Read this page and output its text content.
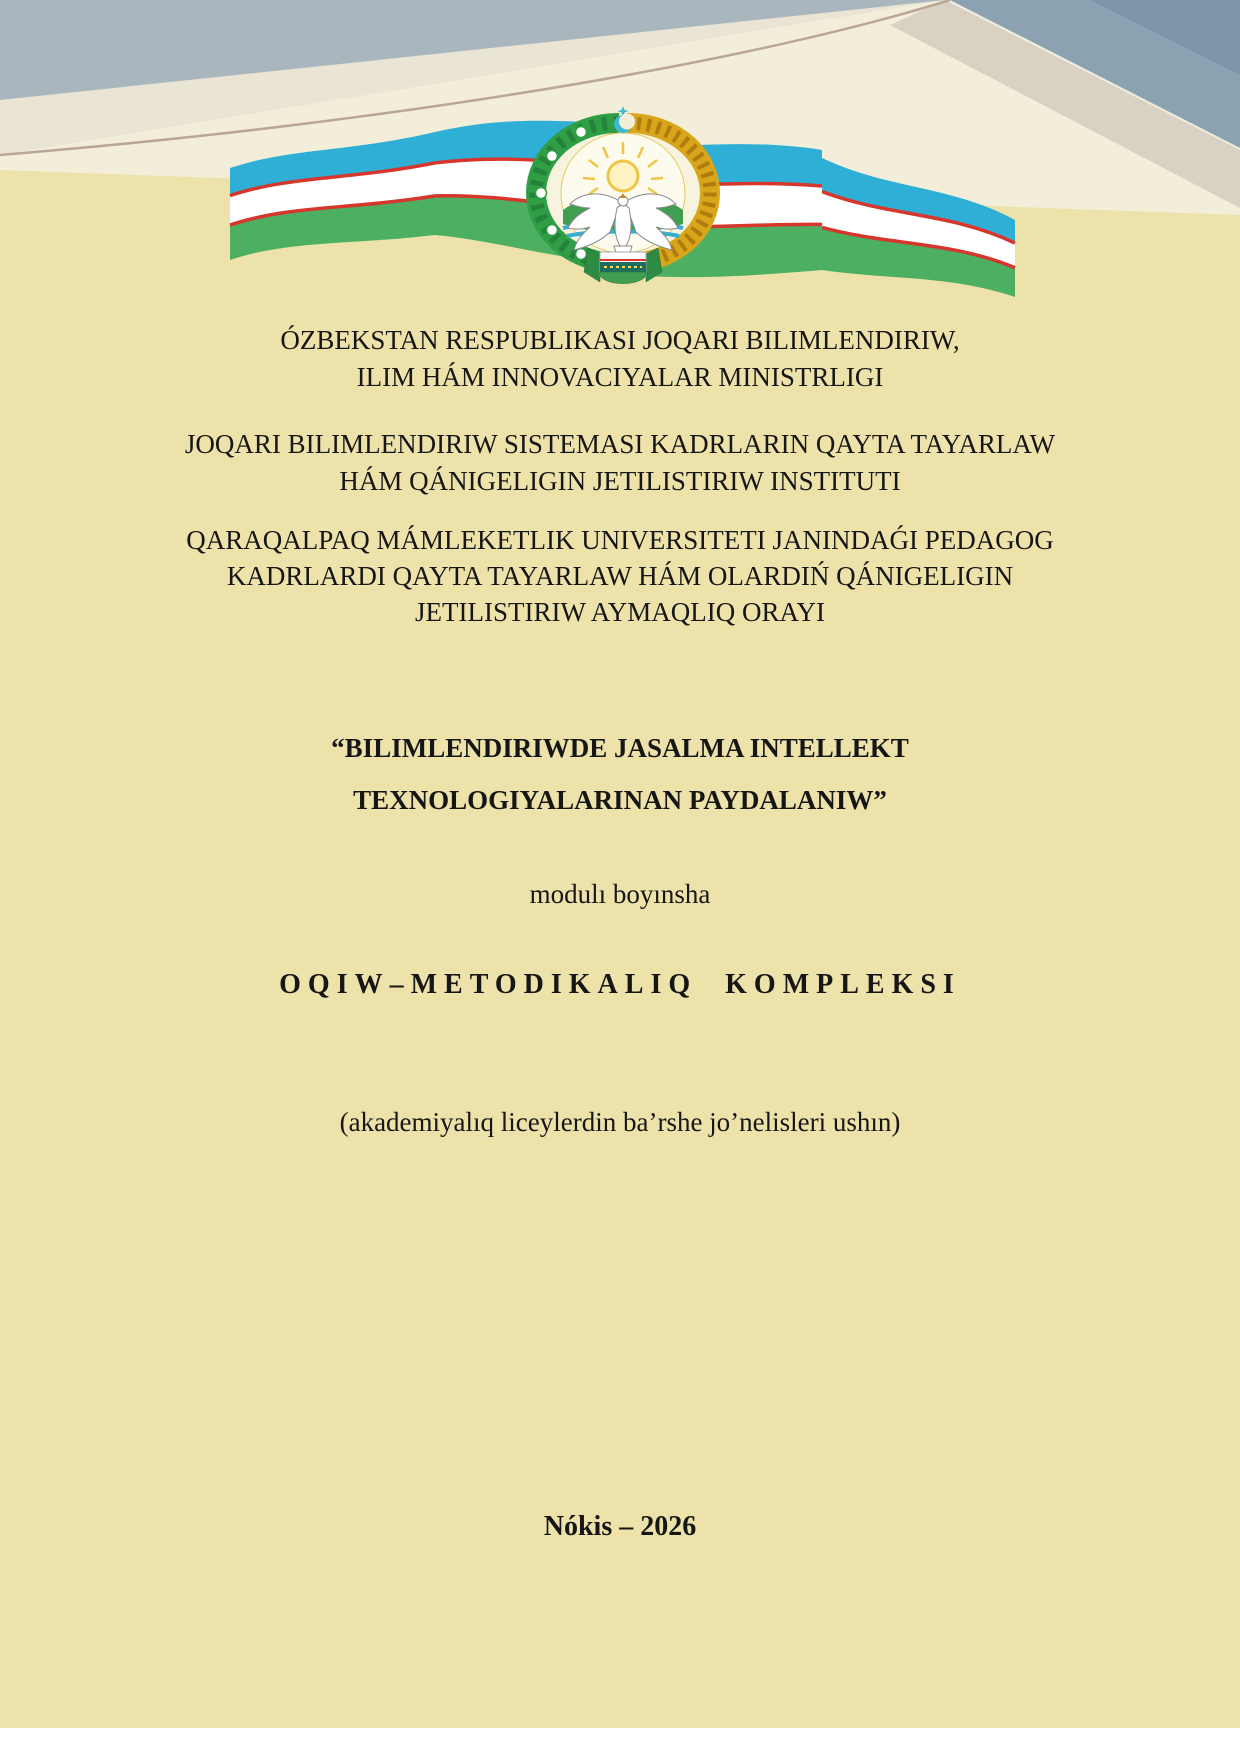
ÓZBEKSTAN RESPUBLIKASI JOQARI BILIMLENDIRIW,
ILIM HÁM INNOVACIYALAR MINISTRLIGI
JOQARI BILIMLENDIRIW SISTEMASI KADRLARIN QAYTA TAYARLAW
HÁM QÁNIGELIGIN JETILISTIRIW INSTITUTI
QARAQALPAQ MÁMLEKETLIK UNIVERSITETI JANINDAǴI PEDAGOG
KADRLARDI QAYTA TAYARLAW HÁM OLARDIŃ QÁNIGELIGIN
JETILISTIRIW AYMAQLIQ ORAYI
“BILIMLENDIRIWDE JASALMA INTELLEKT
TEXNOLOGIYALARINAN PAYDALANIW”
modulı boyınsha
OQIW–METODIKALIQ KOMPLEKSI
(akademiyalıq liceylerdin ba’rshe jo’nelisleri ushın)
Nókis – 2026
